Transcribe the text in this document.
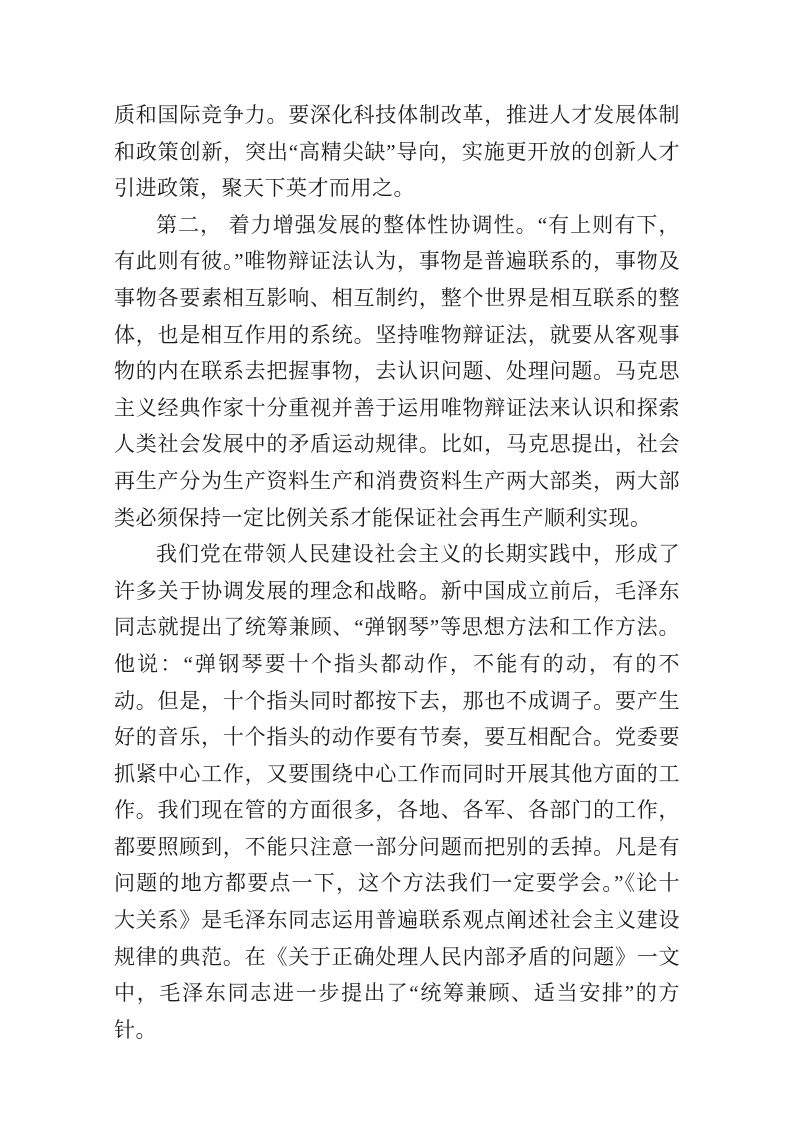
质和国际竞争力。要深化科技体制改革，推进人才发展体制和政策创新，突出“高精尖缺”导向，实施更开放的创新人才引进政策，聚天下英才而用之。

第二， 着力增强发展的整体性协调性。“有上则有下，有此则有彼。”唯物辩证法认为，事物是普遍联系的，事物及事物各要素相互影响、相互制约，整个世界是相互联系的整体，也是相互作用的系统。坚持唯物辩证法，就要从客观事物的内在联系去把握事物，去认识问题、处理问题。马克思主义经典作家十分重视并善于运用唯物辩证法来认识和探索人类社会发展中的矛盾运动规律。比如，马克思提出，社会再生产分为生产资料生产和消费资料生产两大部类，两大部类必须保持一定比例关系才能保证社会再生产顺利实现。

我们党在带领人民建设社会主义的长期实践中，形成了许多关于协调发展的理念和战略。新中国成立前后，毛泽东同志就提出了统筹兼顾、“弹钢琴”等思想方法和工作方法。他说：“弹钢琴要十个指头都动作，不能有的动，有的不动。但是，十个指头同时都按下去，那也不成调子。要产生好的音乐，十个指头的动作要有节奏，要互相配合。党委要抓紧中心工作，又要围绕中心工作而同时开展其他方面的工作。我们现在管的方面很多，各地、各军、各部门的工作，都要照顾到，不能只注意一部分问题而把别的丢掉。凡是有问题的地方都要点一下，这个方法我们一定要学会。”《论十大关系》是毛泽东同志运用普遍联系观点阐述社会主义建设规律的典范。在《关于正确处理人民内部矛盾的问题》一文中，毛泽东同志进一步提出了“统筹兼顾、适当安排”的方针。
